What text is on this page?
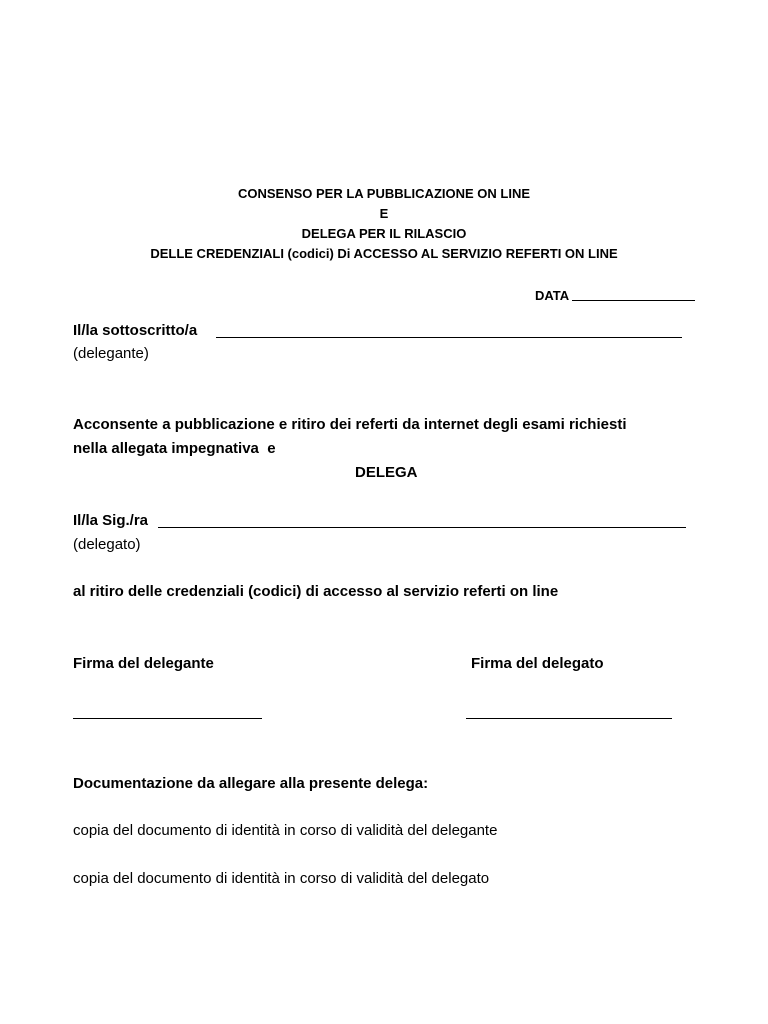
CONSENSO PER LA PUBBLICAZIONE ON LINE
E
DELEGA PER IL RILASCIO
DELLE CREDENZIALI (codici) Di ACCESSO AL SERVIZIO REFERTI ON LINE
DATA
Il/la sottoscritto/a
(delegante)
Acconsente a pubblicazione e ritiro dei referti da internet degli esami richiesti
nella allegata impegnativa  e
DELEGA
Il/la Sig./ra
(delegato)
al ritiro delle credenziali (codici) di accesso al servizio referti on line
Firma del delegante	Firma del delegato
Documentazione da allegare alla presente delega:
copia del documento di identità in corso di validità del delegante
copia del documento di identità in corso di validità del delegato
